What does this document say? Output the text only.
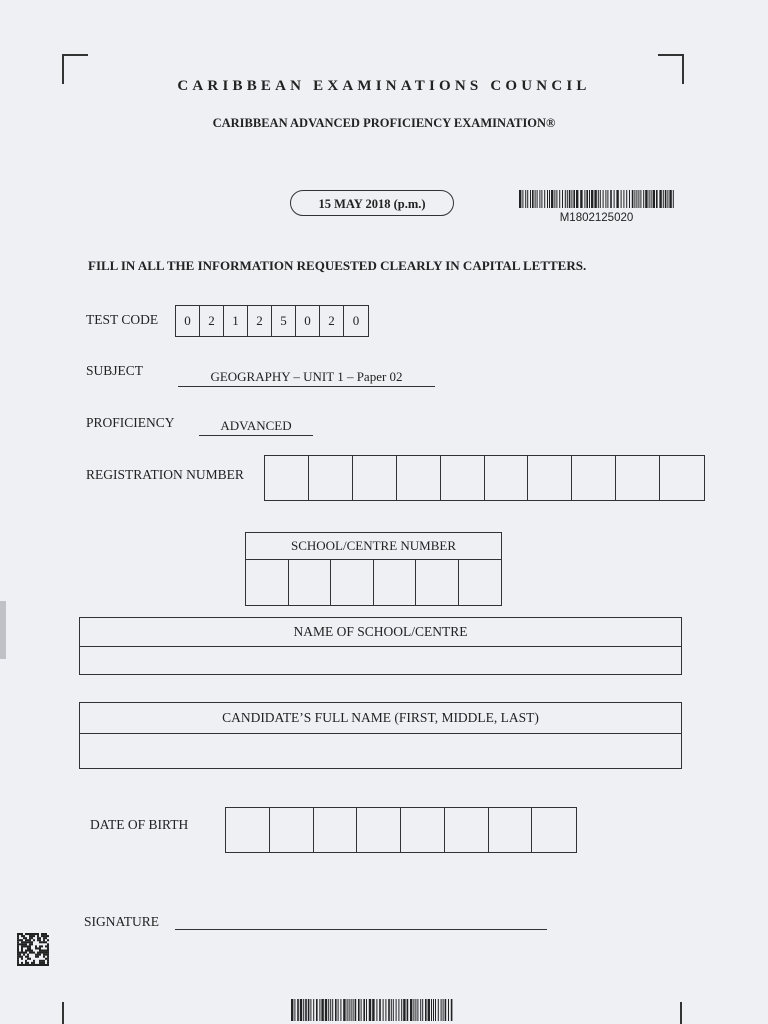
CARIBBEAN EXAMINATIONS COUNCIL
CARIBBEAN ADVANCED PROFICIENCY EXAMINATION®
15 MAY 2018 (p.m.)
M1802125020
FILL IN ALL THE INFORMATION REQUESTED CLEARLY IN CAPITAL LETTERS.
TEST CODE	0	2	1	2	5	0	2	0
SUBJECT	GEOGRAPHY – UNIT 1 – Paper 02
PROFICIENCY	ADVANCED
REGISTRATION NUMBER
SCHOOL/CENTRE NUMBER
NAME OF SCHOOL/CENTRE
CANDIDATE’S FULL NAME (FIRST, MIDDLE, LAST)
DATE OF BIRTH
SIGNATURE
